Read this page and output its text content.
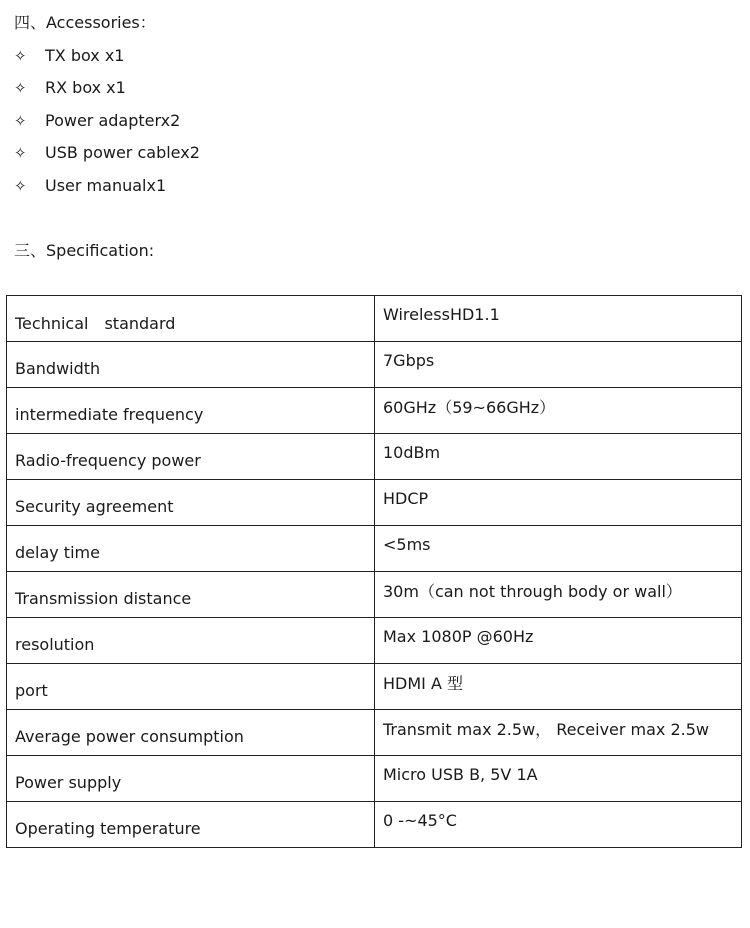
四、Accessories：
✧	TX box x1
✧	RX box x1
✧	Power adapterx2
✧	USB power cablex2
✧	User manualx1
三、Specification:
Technical　standard	WirelessHD1.1
Bandwidth	7Gbps
intermediate frequency	60GHz（59~66GHz）
Radio-frequency power	10dBm
Security agreement	HDCP
delay time	<5ms
Transmission distance	30m（can not through body or wall）
resolution	Max 1080P @60Hz
port	HDMI A 型
Average power consumption	Transmit max 2.5w， Receiver max 2.5w
Power supply	Micro USB B, 5V 1A
Operating temperature	0 -~45°C
